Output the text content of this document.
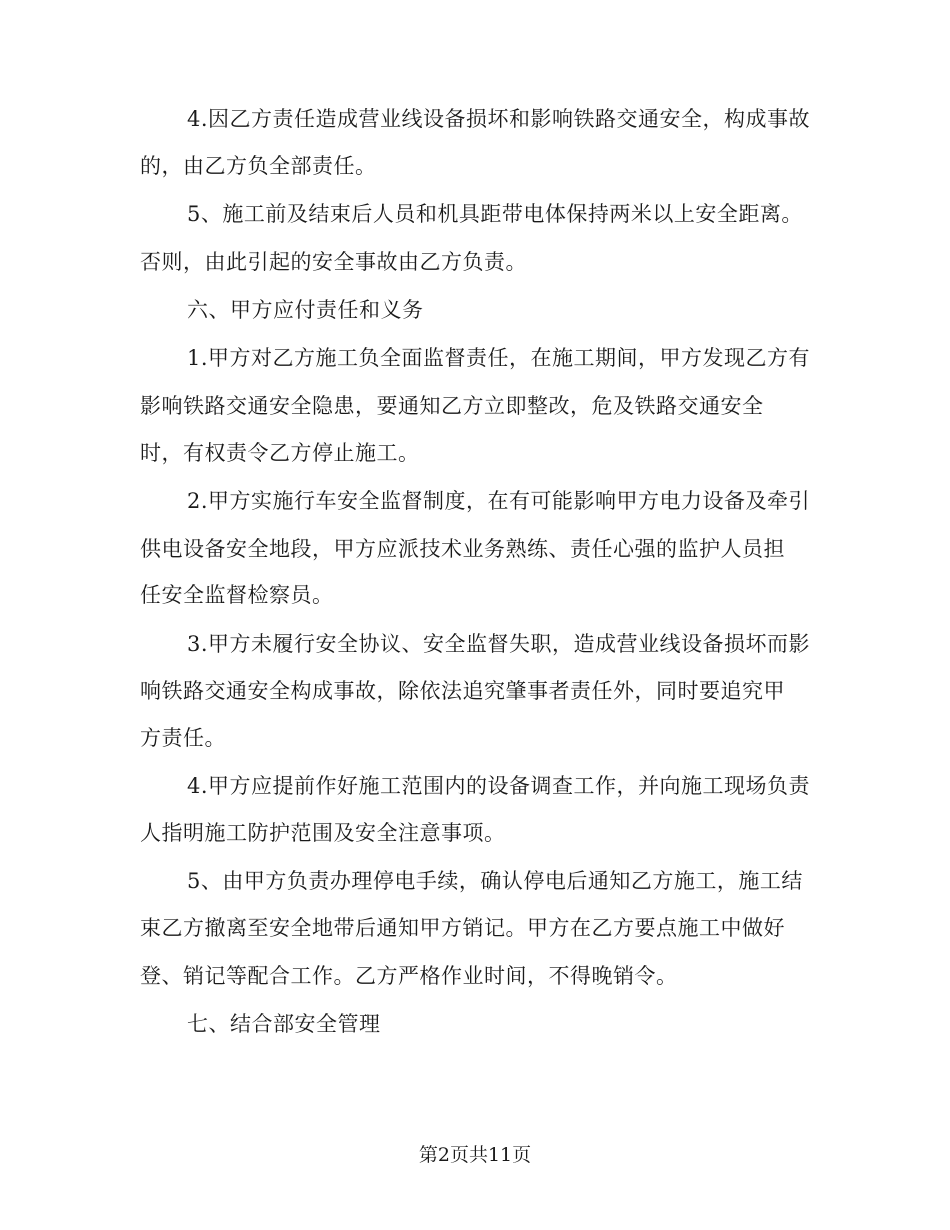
4.因乙方责任造成营业线设备损坏和影响铁路交通安全，构成事故
的，由乙方负全部责任。
5、施工前及结束后人员和机具距带电体保持两米以上安全距离。
否则，由此引起的安全事故由乙方负责。
六、甲方应付责任和义务
1.甲方对乙方施工负全面监督责任，在施工期间，甲方发现乙方有
影响铁路交通安全隐患，要通知乙方立即整改，危及铁路交通安全
时，有权责令乙方停止施工。
2.甲方实施行车安全监督制度，在有可能影响甲方电力设备及牵引
供电设备安全地段，甲方应派技术业务熟练、责任心强的监护人员担
任安全监督检察员。
3.甲方未履行安全协议、安全监督失职，造成营业线设备损坏而影
响铁路交通安全构成事故，除依法追究肇事者责任外，同时要追究甲
方责任。
4.甲方应提前作好施工范围内的设备调查工作，并向施工现场负责
人指明施工防护范围及安全注意事项。
5、由甲方负责办理停电手续，确认停电后通知乙方施工，施工结
束乙方撤离至安全地带后通知甲方销记。甲方在乙方要点施工中做好
登、销记等配合工作。乙方严格作业时间，不得晚销令。
七、结合部安全管理
第2页共11页
